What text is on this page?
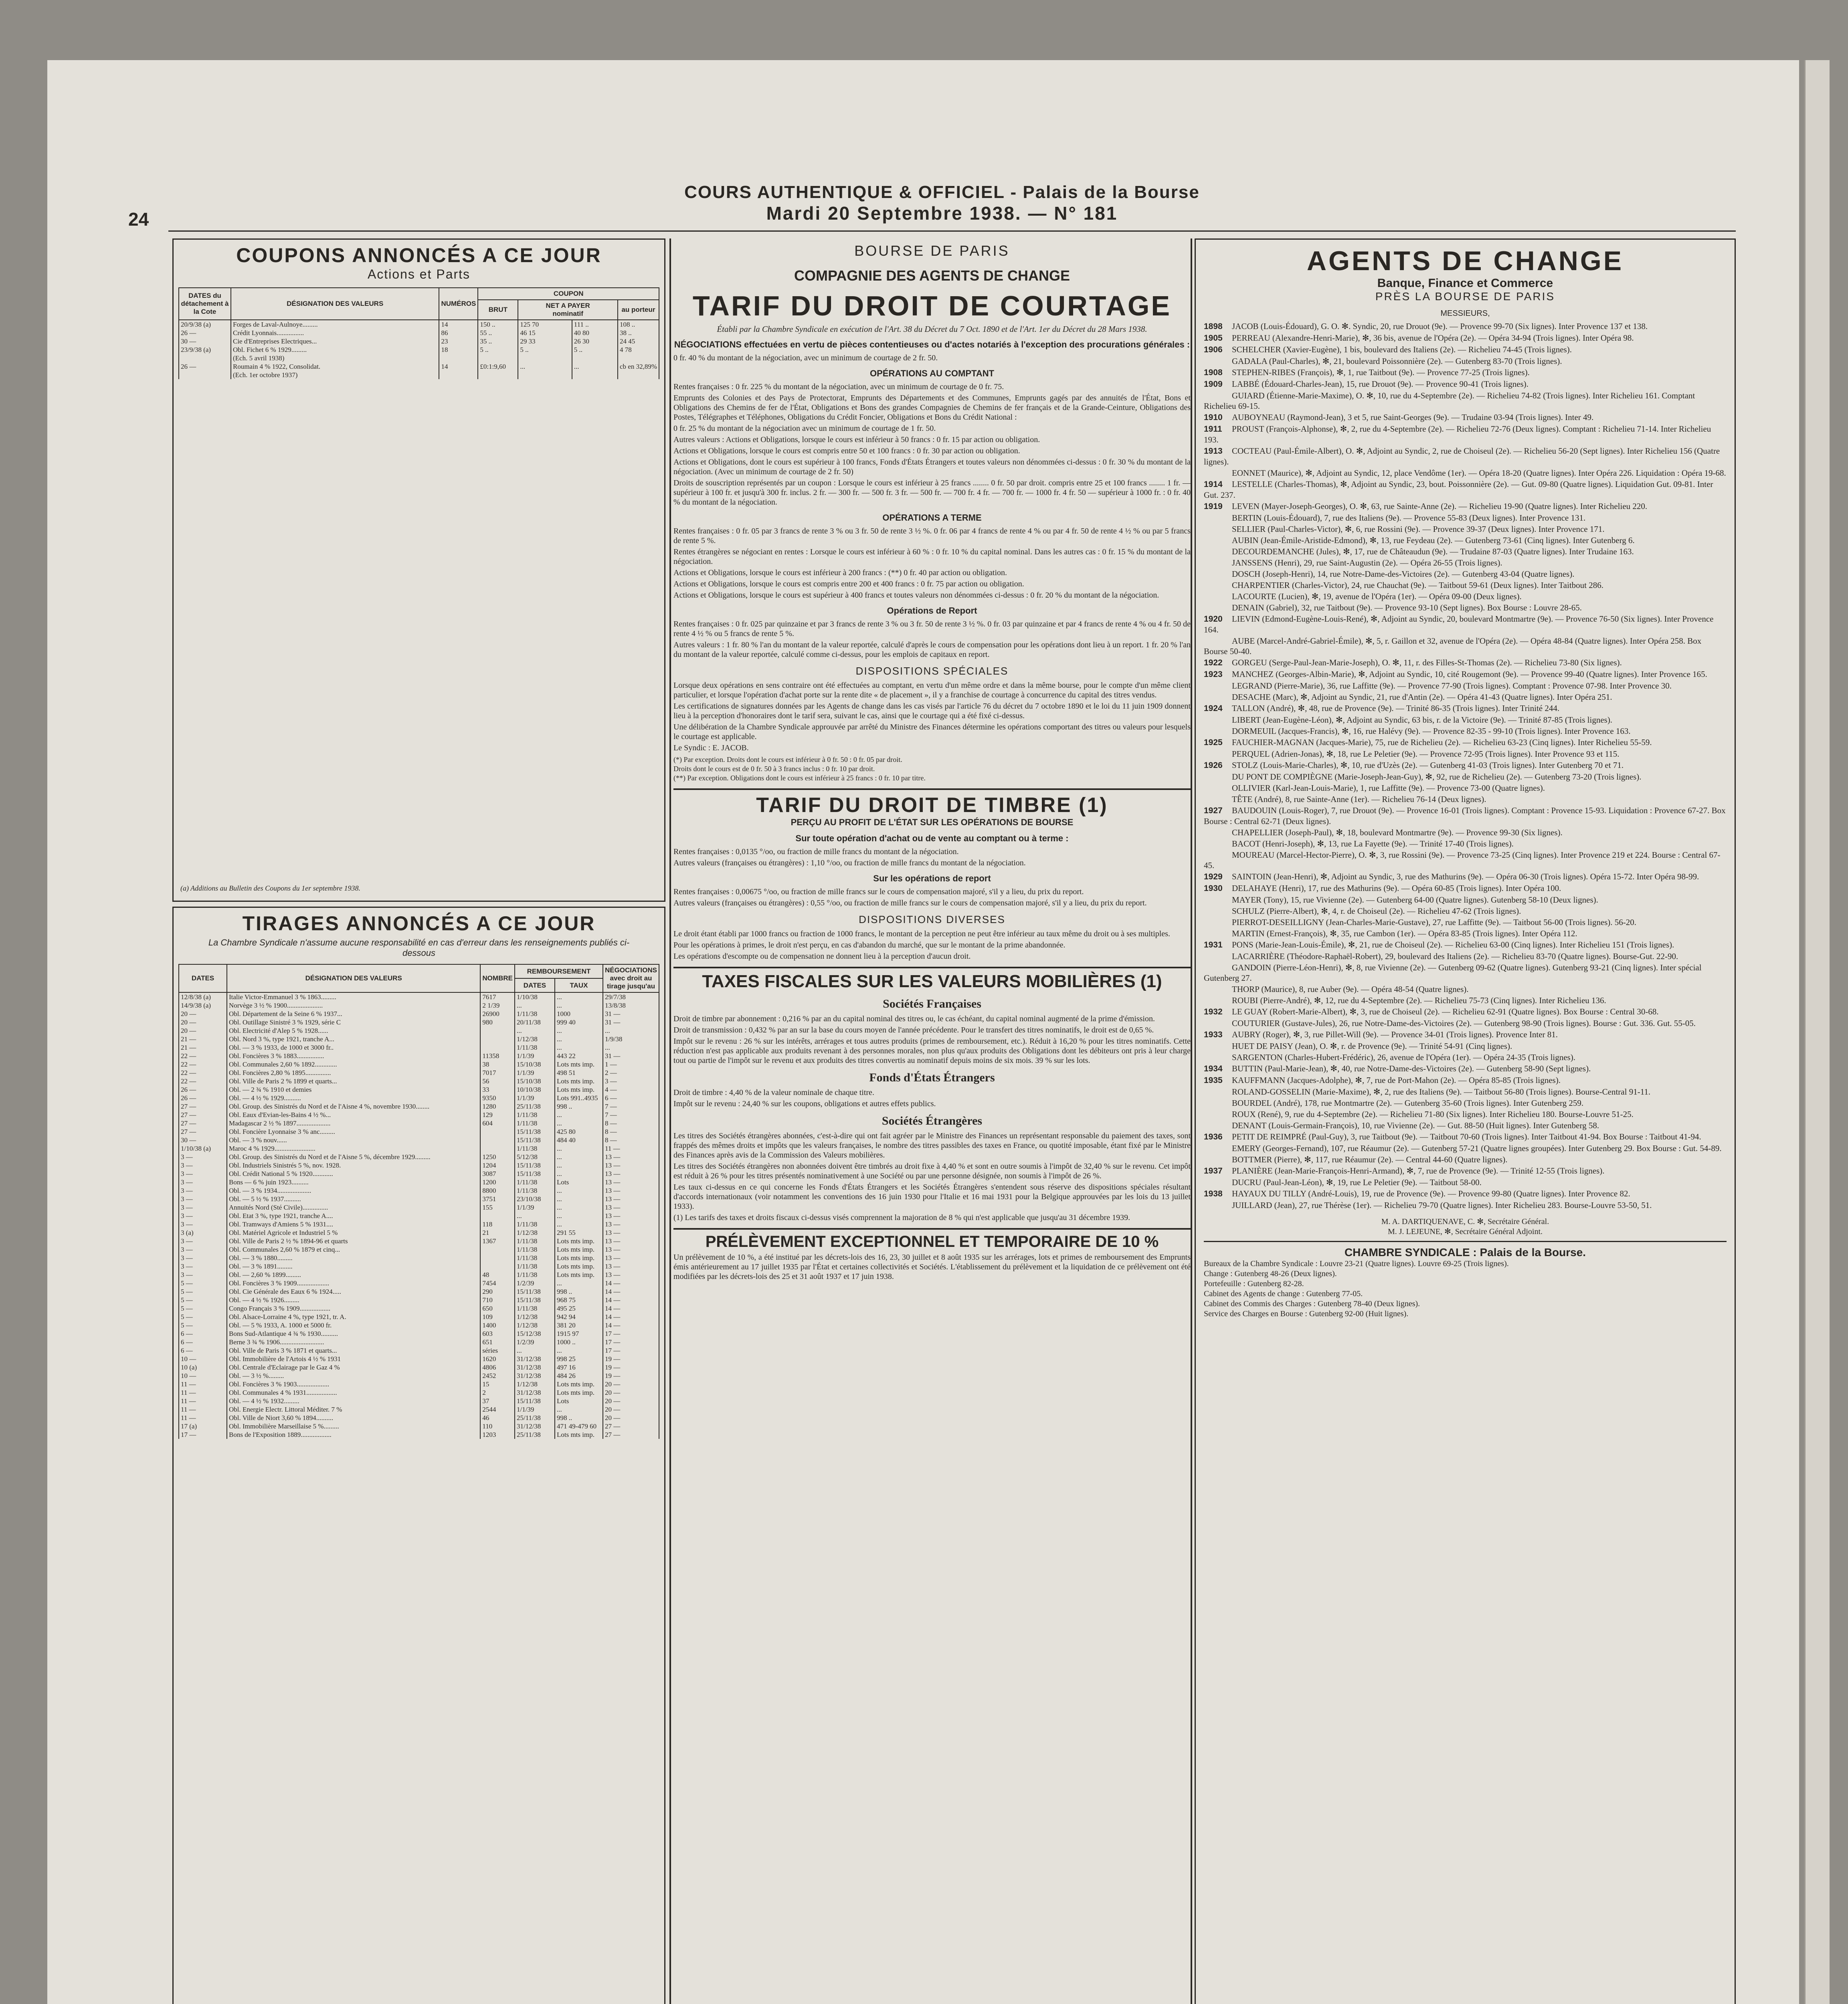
24
COURS AUTHENTIQUE & OFFICIEL - Palais de la Bourse
Mardi 20 Septembre 1938. — N° 181
COUPONS ANNONCÉS A CE JOUR
Actions et Parts
DATES du détachement à la Cote	DÉSIGNATION DES VALEURS	NUMÉROS	COUPON			
			BRUT	NET A PAYER
nominatif		au porteur
20/9/38 (a)	Forges de Laval-Aulnoye.........	14	150 ..	125 70	111 ..	108 ..
26 —	Crédit Lyonnais................	86	55 ..	46 15	40 80	38 ..
30 —	Cie d'Entreprises Electriques...	23	35 ..	29 33	26 30	24 45
23/9/38 (a)	Obl. Fichet 6 % 1929.........	18	5 ..	5 ..	5 ..	4 78
	(Ech. 5 avril 1938)					
26 —	Roumain 4 % 1922, Consolidat.	14	£0:1:9,60	...	...	cb en 32,89%
	(Ech. 1er octobre 1937)					
(a) Additions au Bulletin des Coupons du 1er septembre 1938.
TIRAGES ANNONCÉS A CE JOUR
La Chambre Syndicale n'assume aucune responsabilité en cas d'erreur dans les renseignements publiés ci-dessous
DATES	DÉSIGNATION DES VALEURS	NOMBRE	REMBOURSEMENT		NÉGOCIATIONS avec droit au tirage jusqu'au
			DATES	TAUX	
12/8/38 (a)	Italie Victor-Emmanuel 3 % 1863.........	7617	1/10/38	...	29/7/38
14/9/38 (a)	Norvège 3 ½ % 1900.....................	2 1/39	...	...	13/8/38
20 —	Obl. Département de la Seine 6 % 1937...	26900	1/11/38	1000	31 —
20 —	Obl. Outillage Sinistré 3 % 1929, série C	980	20/11/38	999 40	31 —
20 —	Obl. Electricité d'Alep 5 % 1928......		...	...	...
21 —	Obl. Nord 3 %, type 1921, tranche A...		1/12/38	...	1/9/38
21 —	Obl. — 3 % 1933, de 1000 et 3000 fr..		1/11/38	...	...
22 —	Obl. Foncières 3 % 1883................	11358	1/1/39	443 22	31 —
22 —	Obl. Communales 2,60 % 1892.............	38	15/10/38	Lots mts imp.	1 —
22 —	Obl. Foncières 2,80 % 1895...............	7017	1/1/39	498 51	2 —
22 —	Obl. Ville de Paris 2 % 1899 et quarts...	56	15/10/38	Lots mts imp.	3 —
26 —	Obl. — 2 ¾ % 1910 et demies	33	10/10/38	Lots mts imp.	4 —
26 —	Obl. — 4 ½ % 1929..........	9350	1/1/39	Lots 991..4935	6 —
27 —	Obl. Group. des Sinistrés du Nord et de l'Aisne 4 %, novembre 1930........	1280	25/11/38	998 ..	7 —
27 —	Obl. Eaux d'Evian-les-Bains 4 ½ %...	129	1/11/38	...	7 —
27 —	Madagascar 2 ½ % 1897....................	604	1/11/38	...	8 —
27 —	Obl. Foncière Lyonnaise 3 % anc.........		15/11/38	425 80	8 —
30 —	Obl. — 3 % nouv......		15/11/38	484 40	8 —
1/10/38 (a)	Maroc 4 % 1929........................		1/11/38	...	11 —
3 —	Obl. Group. des Sinistrés du Nord et de l'Aisne 5 %, décembre 1929.........	1250	5/12/38	...	13 —
3 —	Obl. Industriels Sinistrés 5 %, nov. 1928.	1204	15/11/38	...	13 —
3 —	Obl. Crédit National 5 % 1920............	3087	15/11/38	...	13 —
3 —	Bons — 6 % juin 1923..........	1200	1/11/38	Lots	13 —
3 —	Obl. — 3 % 1934....................	8800	1/11/38	...	13 —
3 —	Obl. — 5 ½ % 1937..........	3751	23/10/38	...	13 —
3 —	Annuités Nord (Sté Civile)...............	155	1/1/39	...	13 —
3 —	Obl. Etat 3 %, type 1921, tranche A....		...	...	13 —
3 —	Obl. Tramways d'Amiens 5 % 1931....	118	1/11/38	...	13 —
3 (a)	Obl. Matériel Agricole et Industriel 5 %	21	1/12/38	291 55	13 —
3 —	Obl. Ville de Paris 2 ½ % 1894-96 et quarts	1367	1/11/38	Lots mts imp.	13 —
3 —	Obl. Communales 2,60 % 1879 et cinq...		1/11/38	Lots mts imp.	13 —
3 —	Obl. — 3 % 1880.........		1/11/38	Lots mts imp.	13 —
3 —	Obl. — 3 % 1891.........		1/11/38	Lots mts imp.	13 —
3 —	Obl. — 2,60 % 1899.........	48	1/11/38	Lots mts imp.	13 —
5 —	Obl. Foncières 3 % 1909...................	7454	1/2/39	...	14 —
5 —	Obl. Cie Générale des Eaux 6 % 1924.....	290	15/11/38	998 ..	14 —
5 —	Obl. — 4 ½ % 1926.........	710	15/11/38	968 75	14 —
5 —	Congo Français 3 % 1909..................	650	1/11/38	495 25	14 —
5 —	Obl. Alsace-Lorraine 4 %, type 1921, tr. A.	109	1/12/38	942 94	14 —
5 —	Obl. — 5 % 1933, A. 1000 et 5000 fr.	1400	1/12/38	381 20	14 —
6 —	Bons Sud-Atlantique 4 ¾ % 1930..........	603	15/12/38	1915 97	17 —
6 —	Berne 3 ¾ % 1906..........................	651	1/2/39	1000 ..	17 —
6 —	Obl. Ville de Paris 3 % 1871 et quarts...	séries	...	...	17 —
10 —	Obl. Immobilière de l'Artois 4 ½ % 1931	1620	31/12/38	998 25	19 —
10 (a)	Obl. Centrale d'Eclairage par le Gaz 4 %	4806	31/12/38	497 16	19 —
10 —	Obl. — 3 ½ %.........	2452	31/12/38	484 26	19 —
11 —	Obl. Foncières 3 % 1903...................	15	1/12/38	Lots mts imp.	20 —
11 —	Obl. Communales 4 % 1931..................	2	31/12/38	Lots mts imp.	20 —
11 —	Obl. — 4 ½ % 1932.........	37	15/11/38	Lots	20 —
11 —	Obl. Energie Electr. Littoral Méditer. 7 %	2544	1/1/39	...	20 —
11 —	Obl. Ville de Niort 3,60 % 1894..........	46	25/11/38	998 ..	20 —
17 (a)	Obl. Immobilière Marseillaise 5 %.........	110	31/12/38	471 49-479 60	27 —
17 —	Bons de l'Exposition 1889..................	1203	25/11/38	Lots mts imp.	27 —
BOURSE DE PARIS
COMPAGNIE DES AGENTS DE CHANGE
TARIF DU DROIT DE COURTAGE
Établi par la Chambre Syndicale en exécution de l'Art. 38 du Décret du 7 Oct. 1890 et de l'Art. 1er du Décret du 28 Mars 1938.
NÉGOCIATIONS effectuées en vertu de pièces contentieuses ou d'actes notariés à l'exception des procurations générales :
0 fr. 40 % du montant de la négociation, avec un minimum de courtage de 2 fr. 50.
OPÉRATIONS AU COMPTANT
Rentes françaises : 0 fr. 225 % du montant de la négociation, avec un minimum de courtage de 0 fr. 75.
Emprunts des Colonies et des Pays de Protectorat, Emprunts des Départements et des Communes, Emprunts gagés par des annuités de l'État, Bons et Obligations des Chemins de fer de l'État, Obligations et Bons des grandes Compagnies de Chemins de fer français et de la Grande-Ceinture, Obligations des Postes, Télégraphes et Téléphones, Obligations du Crédit Foncier, Obligations et Bons du Crédit National :
0 fr. 25 % du montant de la négociation avec un minimum de courtage de 1 fr. 50.
Autres valeurs : Actions et Obligations, lorsque le cours est inférieur à 50 francs : 0 fr. 15 par action ou obligation.
Actions et Obligations, lorsque le cours est compris entre 50 et 100 francs : 0 fr. 30 par action ou obligation.
Actions et Obligations, dont le cours est supérieur à 100 francs, Fonds d'États Étrangers et toutes valeurs non dénommées ci-dessus : 0 fr. 30 % du montant de la négociation. (Avec un minimum de courtage de 2 fr. 50)
Droits de souscription représentés par un coupon : Lorsque le cours est inférieur à 25 francs ........ 0 fr. 50 par droit. compris entre 25 et 100 francs ........ 1 fr. — supérieur à 100 fr. et jusqu'à 300 fr. inclus. 2 fr. — 300 fr. — 500 fr. 3 fr. — 500 fr. — 700 fr. 4 fr. — 700 fr. — 1000 fr. 4 fr. 50 — supérieur à 1000 fr. : 0 fr. 40 % du montant de la négociation.
OPÉRATIONS A TERME
Rentes françaises : 0 fr. 05 par 3 francs de rente 3 % ou 3 fr. 50 de rente 3 ½ %. 0 fr. 06 par 4 francs de rente 4 % ou par 4 fr. 50 de rente 4 ½ % ou par 5 francs de rente 5 %.
Rentes étrangères se négociant en rentes : Lorsque le cours est inférieur à 60 % : 0 fr. 10 % du capital nominal. Dans les autres cas : 0 fr. 15 % du montant de la négociation.
Actions et Obligations, lorsque le cours est inférieur à 200 francs : (**) 0 fr. 40 par action ou obligation.
Actions et Obligations, lorsque le cours est compris entre 200 et 400 francs : 0 fr. 75 par action ou obligation.
Actions et Obligations, lorsque le cours est supérieur à 400 francs et toutes valeurs non dénommées ci-dessus : 0 fr. 20 % du montant de la négociation.
Opérations de Report
Rentes françaises : 0 fr. 025 par quinzaine et par 3 francs de rente 3 % ou 3 fr. 50 de rente 3 ½ %. 0 fr. 03 par quinzaine et par 4 francs de rente 4 % ou 4 fr. 50 de rente 4 ½ % ou 5 francs de rente 5 %.
Autres valeurs : 1 fr. 80 % l'an du montant de la valeur reportée, calculé d'après le cours de compensation pour les opérations dont lieu à un report. 1 fr. 20 % l'an du montant de la valeur reportée, calculé comme ci-dessus, pour les emplois de capitaux en report.
DISPOSITIONS SPÉCIALES
Lorsque deux opérations en sens contraire ont été effectuées au comptant, en vertu d'un même ordre et dans la même bourse, pour le compte d'un même client particulier, et lorsque l'opération d'achat porte sur la rente dite « de placement », il y a franchise de courtage à concurrence du capital des titres vendus.
Les certifications de signatures données par les Agents de change dans les cas visés par l'article 76 du décret du 7 octobre 1890 et le loi du 11 juin 1909 donnent lieu à la perception d'honoraires dont le tarif sera, suivant le cas, ainsi que le courtage qui a été fixé ci-dessus.
Une délibération de la Chambre Syndicale approuvée par arrêté du Ministre des Finances détermine les opérations comportant des titres ou valeurs pour lesquels le courtage est applicable.
Le Syndic : E. JACOB.
(*) Par exception. Droits dont le cours est inférieur à 0 fr. 50 : 0 fr. 05 par droit.
Droits dont le cours est de 0 fr. 50 à 3 francs inclus : 0 fr. 10 par droit.
(**) Par exception. Obligations dont le cours est inférieur à 25 francs : 0 fr. 10 par titre.
TARIF DU DROIT DE TIMBRE (1)
PERÇU AU PROFIT DE L'ÉTAT SUR LES OPÉRATIONS DE BOURSE
Sur toute opération d'achat ou de vente au comptant ou à terme :
Rentes françaises : 0,0135 °/oo, ou fraction de mille francs du montant de la négociation.
Autres valeurs (françaises ou étrangères) : 1,10 °/oo, ou fraction de mille francs du montant de la négociation.
Sur les opérations de report
Rentes françaises : 0,00675 °/oo, ou fraction de mille francs sur le cours de compensation majoré, s'il y a lieu, du prix du report.
Autres valeurs (françaises ou étrangères) : 0,55 °/oo, ou fraction de mille francs sur le cours de compensation majoré, s'il y a lieu, du prix du report.
DISPOSITIONS DIVERSES
Le droit étant établi par 1000 francs ou fraction de 1000 francs, le montant de la perception ne peut être inférieur au taux même du droit ou à ses multiples.
Pour les opérations à primes, le droit n'est perçu, en cas d'abandon du marché, que sur le montant de la prime abandonnée.
Les opérations d'escompte ou de compensation ne donnent lieu à la perception d'aucun droit.
TAXES FISCALES SUR LES VALEURS MOBILIÈRES (1)
Sociétés Françaises
Droit de timbre par abonnement : 0,216 % par an du capital nominal des titres ou, le cas échéant, du capital nominal augmenté de la prime d'émission.
Droit de transmission : 0,432 % par an sur la base du cours moyen de l'année précédente. Pour le transfert des titres nominatifs, le droit est de 0,65 %.
Impôt sur le revenu : 26 % sur les intérêts, arrérages et tous autres produits (primes de remboursement, etc.). Réduit à 16,20 % pour les titres nominatifs. Cette réduction n'est pas applicable aux produits revenant à des personnes morales, non plus qu'aux produits des Obligations dont les débiteurs ont pris à leur charge tout ou partie de l'impôt sur le revenu et aux produits des titres convertis au nominatif depuis moins de six mois. 39 % sur les lots.
Fonds d'États Étrangers
Droit de timbre : 4,40 % de la valeur nominale de chaque titre.
Impôt sur le revenu : 24,40 % sur les coupons, obligations et autres effets publics.
Sociétés Étrangères
Les titres des Sociétés étrangères abonnées, c'est-à-dire qui ont fait agréer par le Ministre des Finances un représentant responsable du paiement des taxes, sont frappés des mêmes droits et impôts que les valeurs françaises, le nombre des titres passibles des taxes en France, ou quotité imposable, étant fixé par le Ministre des Finances après avis de la Commission des Valeurs mobilières.
Les titres des Sociétés étrangères non abonnées doivent être timbrés au droit fixe à 4,40 % et sont en outre soumis à l'impôt de 32,40 % sur le revenu. Cet impôt est réduit à 26 % pour les titres présentés nominativement à une Société ou par une personne désignée, non soumis à l'impôt de 26 %.
Les taux ci-dessus en ce qui concerne les Fonds d'États Étrangers et les Sociétés Étrangères s'entendent sous réserve des dispositions spéciales résultant d'accords internationaux (voir notamment les conventions des 16 juin 1930 pour l'Italie et 16 mai 1931 pour la Belgique approuvées par les lois du 13 juillet 1933).
(1) Les tarifs des taxes et droits fiscaux ci-dessus visés comprennent la majoration de 8 % qui n'est applicable que jusqu'au 31 décembre 1939.
PRÉLÈVEMENT EXCEPTIONNEL ET TEMPORAIRE DE 10 %
Un prélèvement de 10 %, a été institué par les décrets-lois des 16, 23, 30 juillet et 8 août 1935 sur les arrérages, lots et primes de remboursement des Emprunts émis antérieurement au 17 juillet 1935 par l'État et certaines collectivités et Sociétés. L'établissement du prélèvement et la liquidation de ce prélèvement ont été modifiées par les décrets-lois des 25 et 31 août 1937 et 17 juin 1938.
AGENTS DE CHANGE
Banque, Finance et Commerce
PRÈS LA BOURSE DE PARIS
MESSIEURS,
1898 JACOB (Louis-Édouard), G. O. ✻. Syndic, 20, rue Drouot (9e). — Provence 99-70 (Six lignes). Inter Provence 137 et 138.
1905 PERREAU (Alexandre-Henri-Marie), ✻, 36 bis, avenue de l'Opéra (2e). — Opéra 34-94 (Trois lignes). Inter Opéra 98.
1906 SCHELCHER (Xavier-Eugène), 1 bis, boulevard des Italiens (2e). — Richelieu 74-45 (Trois lignes).
GADALA (Paul-Charles), ✻, 21, boulevard Poissonnière (2e). — Gutenberg 83-70 (Trois lignes).
1908 STEPHEN-RIBES (François), ✻, 1, rue Taitbout (9e). — Provence 77-25 (Trois lignes).
1909 LABBÉ (Édouard-Charles-Jean), 15, rue Drouot (9e). — Provence 90-41 (Trois lignes).
GUIARD (Étienne-Marie-Maxime), O. ✻, 10, rue du 4-Septembre (2e). — Richelieu 74-82 (Trois lignes). Inter Richelieu 161. Comptant Richelieu 69-15.
1910 AUBOYNEAU (Raymond-Jean), 3 et 5, rue Saint-Georges (9e). — Trudaine 03-94 (Trois lignes). Inter 49.
1911 PROUST (François-Alphonse), ✻, 2, rue du 4-Septembre (2e). — Richelieu 72-76 (Deux lignes). Comptant : Richelieu 71-14. Inter Richelieu 193.
1913 COCTEAU (Paul-Émile-Albert), O. ✻, Adjoint au Syndic, 2, rue de Choiseul (2e). — Richelieu 56-20 (Sept lignes). Inter Richelieu 156 (Quatre lignes).
EONNET (Maurice), ✻, Adjoint au Syndic, 12, place Vendôme (1er). — Opéra 18-20 (Quatre lignes). Inter Opéra 226. Liquidation : Opéra 19-68.
1914 LESTELLE (Charles-Thomas), ✻, Adjoint au Syndic, 23, bout. Poissonnière (2e). — Gut. 09-80 (Quatre lignes). Liquidation Gut. 09-81. Inter Gut. 237.
1919 LEVEN (Mayer-Joseph-Georges), O. ✻, 63, rue Sainte-Anne (2e). — Richelieu 19-90 (Quatre lignes). Inter Richelieu 220.
BERTIN (Louis-Édouard), 7, rue des Italiens (9e). — Provence 55-83 (Deux lignes). Inter Provence 131.
SELLIER (Paul-Charles-Victor), ✻, 6, rue Rossini (9e). — Provence 39-37 (Deux lignes). Inter Provence 171.
AUBIN (Jean-Émile-Aristide-Edmond), ✻, 13, rue Feydeau (2e). — Gutenberg 73-61 (Cinq lignes). Inter Gutenberg 6.
DECOURDEMANCHE (Jules), ✻, 17, rue de Châteaudun (9e). — Trudaine 87-03 (Quatre lignes). Inter Trudaine 163.
JANSSENS (Henri), 29, rue Saint-Augustin (2e). — Opéra 26-55 (Trois lignes).
DOSCH (Joseph-Henri), 14, rue Notre-Dame-des-Victoires (2e). — Gutenberg 43-04 (Quatre lignes).
CHARPENTIER (Charles-Victor), 24, rue Chauchat (9e). — Taitbout 59-61 (Deux lignes). Inter Taitbout 286.
LACOURTE (Lucien), ✻, 19, avenue de l'Opéra (1er). — Opéra 09-00 (Deux lignes).
DENAIN (Gabriel), 32, rue Taitbout (9e). — Provence 93-10 (Sept lignes). Box Bourse : Louvre 28-65.
1920 LIEVIN (Edmond-Eugène-Louis-René), ✻, Adjoint au Syndic, 20, boulevard Montmartre (9e). — Provence 76-50 (Six lignes). Inter Provence 164.
AUBE (Marcel-André-Gabriel-Émile), ✻, 5, r. Gaillon et 32, avenue de l'Opéra (2e). — Opéra 48-84 (Quatre lignes). Inter Opéra 258. Box Bourse 50-40.
1922 GORGEU (Serge-Paul-Jean-Marie-Joseph), O. ✻, 11, r. des Filles-St-Thomas (2e). — Richelieu 73-80 (Six lignes).
1923 MANCHEZ (Georges-Albin-Marie), ✻, Adjoint au Syndic, 10, cité Rougemont (9e). — Provence 99-40 (Quatre lignes). Inter Provence 165.
LEGRAND (Pierre-Marie), 36, rue Laffitte (9e). — Provence 77-90 (Trois lignes). Comptant : Provence 07-98. Inter Provence 30.
DESACHE (Marc), ✻, Adjoint au Syndic, 21, rue d'Antin (2e). — Opéra 41-43 (Quatre lignes). Inter Opéra 251.
1924 TALLON (André), ✻, 48, rue de Provence (9e). — Trinité 86-35 (Trois lignes). Inter Trinité 244.
LIBERT (Jean-Eugène-Léon), ✻, Adjoint au Syndic, 63 bis, r. de la Victoire (9e). — Trinité 87-85 (Trois lignes).
DORMEUIL (Jacques-Francis), ✻, 16, rue Halévy (9e). — Provence 82-35 - 99-10 (Trois lignes). Inter Provence 163.
1925 FAUCHIER-MAGNAN (Jacques-Marie), 75, rue de Richelieu (2e). — Richelieu 63-23 (Cinq lignes). Inter Richelieu 55-59.
PERQUEL (Adrien-Jonas), ✻, 18, rue Le Peletier (9e). — Provence 72-95 (Trois lignes). Inter Provence 93 et 115.
1926 STOLZ (Louis-Marie-Charles), ✻, 10, rue d'Uzès (2e). — Gutenberg 41-03 (Trois lignes). Inter Gutenberg 70 et 71.
DU PONT DE COMPIÈGNE (Marie-Joseph-Jean-Guy), ✻, 92, rue de Richelieu (2e). — Gutenberg 73-20 (Trois lignes).
OLLIVIER (Karl-Jean-Louis-Marie), 1, rue Laffitte (9e). — Provence 73-00 (Quatre lignes).
TÊTE (André), 8, rue Sainte-Anne (1er). — Richelieu 76-14 (Deux lignes).
1927 BAUDOUIN (Louis-Roger), 7, rue Drouot (9e). — Provence 16-01 (Trois lignes). Comptant : Provence 15-93. Liquidation : Provence 67-27. Box Bourse : Central 62-71 (Deux lignes).
CHAPELLIER (Joseph-Paul), ✻, 18, boulevard Montmartre (9e). — Provence 99-30 (Six lignes).
BACOT (Henri-Joseph), ✻, 13, rue La Fayette (9e). — Trinité 17-40 (Trois lignes).
MOUREAU (Marcel-Hector-Pierre), O. ✻, 3, rue Rossini (9e). — Provence 73-25 (Cinq lignes). Inter Provence 219 et 224. Bourse : Central 67-45.
1929 SAINTOIN (Jean-Henri), ✻, Adjoint au Syndic, 3, rue des Mathurins (9e). — Opéra 06-30 (Trois lignes). Opéra 15-72. Inter Opéra 98-99.
1930 DELAHAYE (Henri), 17, rue des Mathurins (9e). — Opéra 60-85 (Trois lignes). Inter Opéra 100.
MAYER (Tony), 15, rue Vivienne (2e). — Gutenberg 64-00 (Quatre lignes). Gutenberg 58-10 (Deux lignes).
SCHULZ (Pierre-Albert), ✻, 4, r. de Choiseul (2e). — Richelieu 47-62 (Trois lignes).
PIERROT-DESEILLIGNY (Jean-Charles-Marie-Gustave), 27, rue Laffitte (9e). — Taitbout 56-00 (Trois lignes). 56-20.
MARTIN (Ernest-François), ✻, 35, rue Cambon (1er). — Opéra 83-85 (Trois lignes). Inter Opéra 112.
1931 PONS (Marie-Jean-Louis-Émile), ✻, 21, rue de Choiseul (2e). — Richelieu 63-00 (Cinq lignes). Inter Richelieu 151 (Trois lignes).
LACARRIÈRE (Théodore-Raphaël-Robert), 29, boulevard des Italiens (2e). — Richelieu 83-70 (Quatre lignes). Bourse-Gut. 22-90.
GANDOIN (Pierre-Léon-Henri), ✻, 8, rue Vivienne (2e). — Gutenberg 09-62 (Quatre lignes). Gutenberg 93-21 (Cinq lignes). Inter spécial Gutenberg 27.
THORP (Maurice), 8, rue Auber (9e). — Opéra 48-54 (Quatre lignes).
ROUBI (Pierre-André), ✻, 12, rue du 4-Septembre (2e). — Richelieu 75-73 (Cinq lignes). Inter Richelieu 136.
1932 LE GUAY (Robert-Marie-Albert), ✻, 3, rue de Choiseul (2e). — Richelieu 62-91 (Quatre lignes). Box Bourse : Central 30-68.
COUTURIER (Gustave-Jules), 26, rue Notre-Dame-des-Victoires (2e). — Gutenberg 98-90 (Trois lignes). Bourse : Gut. 336. Gut. 55-05.
1933 AUBRY (Roger), ✻, 3, rue Pillet-Will (9e). — Provence 34-01 (Trois lignes). Provence Inter 81.
HUET DE PAISY (Jean), O. ✻, r. de Provence (9e). — Trinité 54-91 (Cinq lignes).
SARGENTON (Charles-Hubert-Frédéric), 26, avenue de l'Opéra (1er). — Opéra 24-35 (Trois lignes).
1934 BUTTIN (Paul-Marie-Jean), ✻, 40, rue Notre-Dame-des-Victoires (2e). — Gutenberg 58-90 (Sept lignes).
1935 KAUFFMANN (Jacques-Adolphe), ✻, 7, rue de Port-Mahon (2e). — Opéra 85-85 (Trois lignes).
ROLAND-GOSSELIN (Marie-Maxime), ✻, 2, rue des Italiens (9e). — Taitbout 56-80 (Trois lignes). Bourse-Central 91-11.
BOURDEL (André), 178, rue Montmartre (2e). — Gutenberg 35-60 (Trois lignes). Inter Gutenberg 259.
ROUX (René), 9, rue du 4-Septembre (2e). — Richelieu 71-80 (Six lignes). Inter Richelieu 180. Bourse-Louvre 51-25.
DENANT (Louis-Germain-François), 10, rue Vivienne (2e). — Gut. 88-50 (Huit lignes). Inter Gutenberg 58.
1936 PETIT DE REIMPRÉ (Paul-Guy), 3, rue Taitbout (9e). — Taitbout 70-60 (Trois lignes). Inter Taitbout 41-94. Box Bourse : Taitbout 41-94.
EMERY (Georges-Fernand), 107, rue Réaumur (2e). — Gutenberg 57-21 (Quatre lignes groupées). Inter Gutenberg 29. Box Bourse : Gut. 54-89.
BOTTMER (Pierre), ✻, 117, rue Réaumur (2e). — Central 44-60 (Quatre lignes).
1937 PLANIÈRE (Jean-Marie-François-Henri-Armand), ✻, 7, rue de Provence (9e). — Trinité 12-55 (Trois lignes).
DUCRU (Paul-Jean-Léon), ✻, 19, rue Le Peletier (9e). — Taitbout 58-00.
1938 HAYAUX DU TILLY (André-Louis), 19, rue de Provence (9e). — Provence 99-80 (Quatre lignes). Inter Provence 82.
JUILLARD (Jean), 27, rue Thérèse (1er). — Richelieu 79-70 (Quatre lignes). Inter Richelieu 283. Bourse-Louvre 53-50, 51.
M. A. DARTIQUENAVE, C. ✻, Secrétaire Général.
M. J. LEJEUNE, ✻, Secrétaire Général Adjoint.
CHAMBRE SYNDICALE : Palais de la Bourse.
Bureaux de la Chambre Syndicale : Louvre 23-21 (Quatre lignes). Louvre 69-25 (Trois lignes).
Change : Gutenberg 48-26 (Deux lignes).
Portefeuille : Gutenberg 82-28.
Cabinet des Agents de change : Gutenberg 77-05.
Cabinet des Commis des Charges : Gutenberg 78-40 (Deux lignes).
Service des Charges en Bourse : Gutenberg 92-00 (Huit lignes).
